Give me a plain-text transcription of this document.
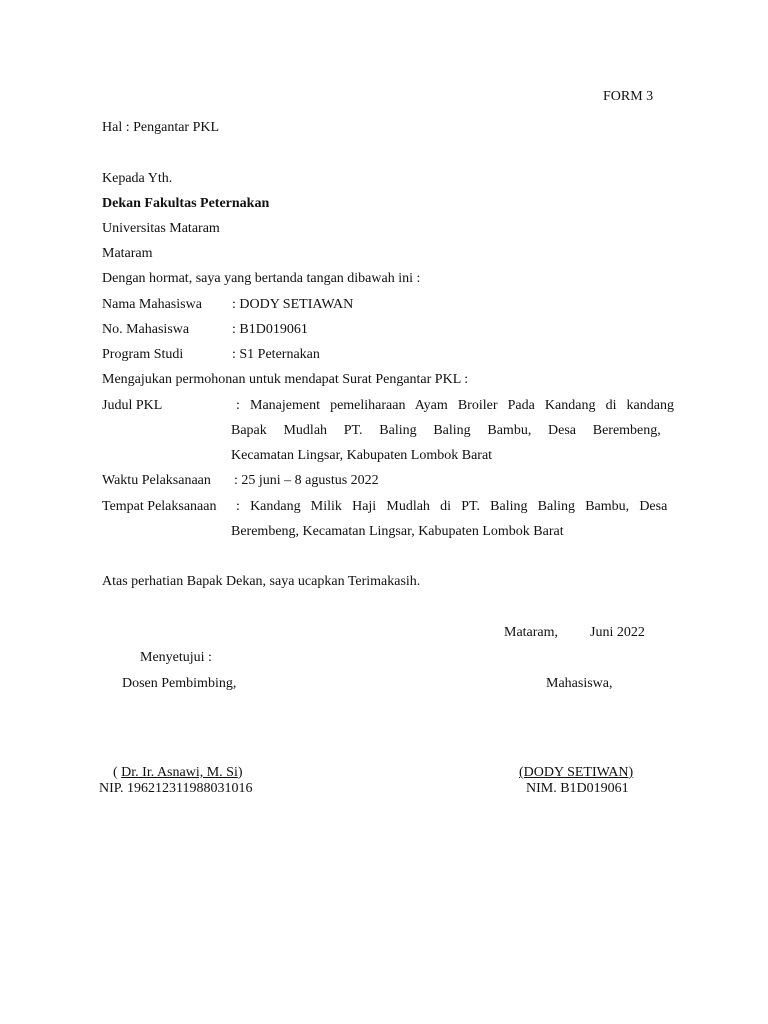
FORM 3
Hal : Pengantar PKL
Kepada Yth.
Dekan Fakultas Peternakan
Universitas Mataram
Mataram
Dengan hormat, saya yang bertanda tangan dibawah ini :
Nama Mahasiswa : DODY SETIAWAN
No. Mahasiswa	: B1D019061
Program Studi	: S1 Peternakan
Mengajukan permohonan untuk mendapat Surat Pengantar PKL :
Judul PKL	: Manajement pemeliharaan Ayam Broiler Pada Kandang di kandang
Bapak Mudlah PT. Baling Baling Bambu, Desa Berembeng,
Kecamatan Lingsar, Kabupaten Lombok Barat
Waktu Pelaksanaan : 25 juni – 8 agustus 2022
Tempat Pelaksanaan : Kandang Milik Haji Mudlah di PT. Baling Baling Bambu, Desa
Berembeng, Kecamatan Lingsar, Kabupaten Lombok Barat
Atas perhatian Bapak Dekan, saya ucapkan Terimakasih.
Mataram, Juni 2022
Menyetujui :
Dosen Pembimbing,	Mahasiswa,
( Dr. Ir. Asnawi, M. Si)	(DODY SETIWAN)
NIP. 196212311988031016	NIM. B1D019061
